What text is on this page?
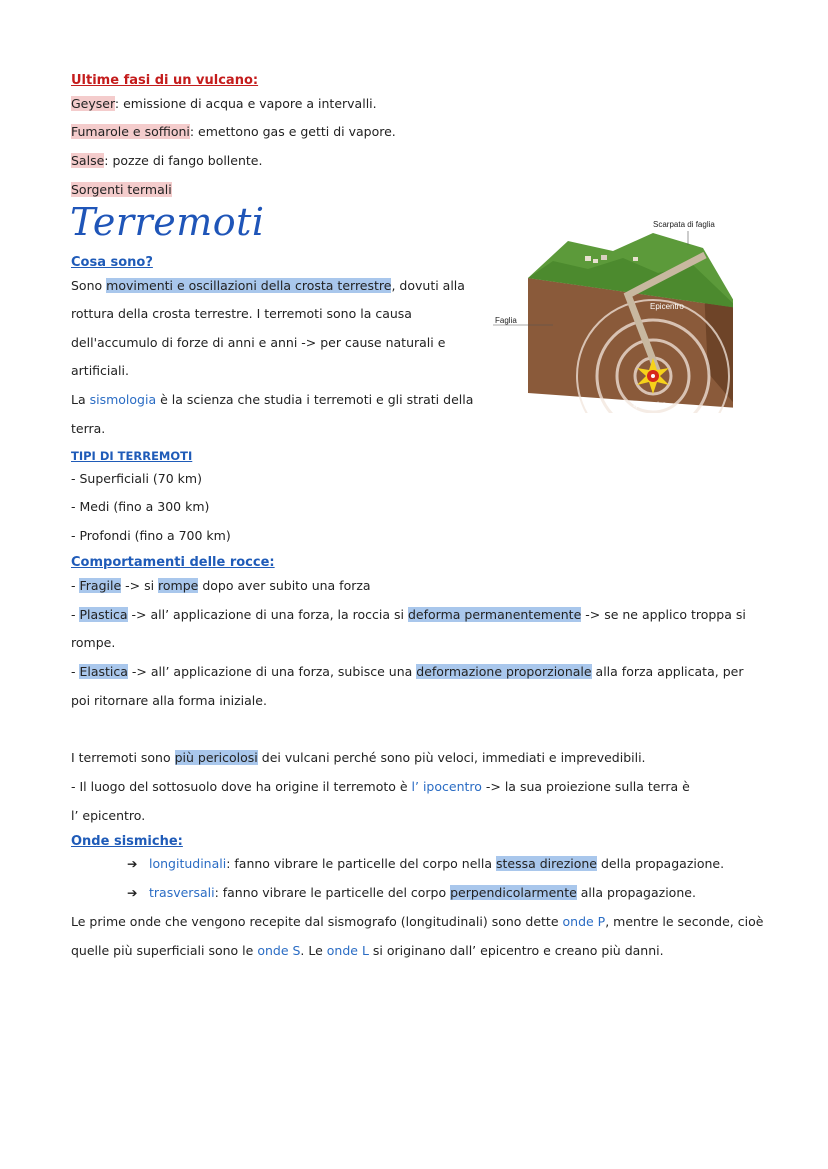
Ultime fasi di un vulcano:
Geyser: emissione di acqua e vapore a intervalli.
Fumarole e soffioni: emettono gas e getti di vapore.
Salse: pozze di fango bollente.
Sorgenti termali
Terremoti
Cosa sono?
Sono movimenti e oscillazioni della crosta terrestre, dovuti alla
rottura della crosta terrestre. I terremoti sono la causa
dell'accumulo di forze di anni e anni -> per cause naturali e
artificiali.
La sismologia è la scienza che studia i terremoti e gli strati della
terra.
TIPI DI TERREMOTI
- Superficiali (70 km)
- Medi (fino a 300 km)
- Profondi (fino a 700 km)
Comportamenti delle rocce:
- Fragile -> si rompe dopo aver subito una forza
- Plastica -> all’ applicazione di una forza, la roccia si deforma permanentemente -> se ne applico troppa si
rompe.
- Elastica -> all’ applicazione di una forza, subisce una deformazione proporzionale alla forza applicata, per
poi ritornare alla forma iniziale.
I terremoti sono più pericolosi dei vulcani perché sono più veloci, immediati e imprevedibili.
- Il luogo del sottosuolo dove ha origine il terremoto è l’ ipocentro -> la sua proiezione sulla terra è
l’ epicentro.
Onde sismiche:
➔ longitudinali: fanno vibrare le particelle del corpo nella stessa direzione della propagazione.
➔ trasversali: fanno vibrare le particelle del corpo perpendicolarmente alla propagazione.
Le prime onde che vengono recepite dal sismografo (longitudinali) sono dette onde P, mentre le seconde, cioè
quelle più superficiali sono le onde S. Le onde L si originano dall’ epicentro e creano più danni.
Scarpata di faglia
Epicentro
Faglia
Ipocentro
